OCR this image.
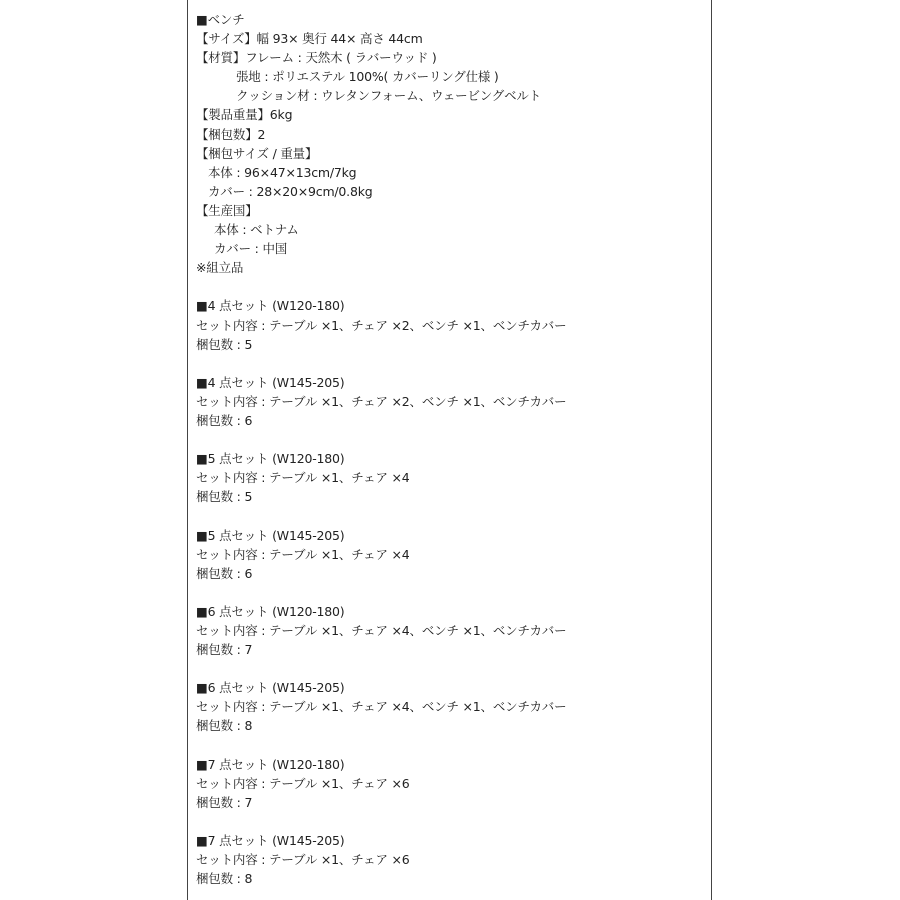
■ベンチ
【サイズ】幅 93× 奥行 44× 高さ 44cm
【材質】フレーム : 天然木 ( ラバーウッド )
張地 : ポリエステル 100%( カバーリング仕様 )
クッション材 : ウレタンフォーム、ウェービングベルト
【製品重量】6kg
【梱包数】2
【梱包サイズ / 重量】
本体 : 96×47×13cm/7kg
カバー : 28×20×9cm/0.8kg
【生産国】
本体 : ベトナム
カバー : 中国
※組立品
■4 点セット (W120-180)
セット内容 : テーブル ×1、チェア ×2、ベンチ ×1、ベンチカバー
梱包数 : 5
■4 点セット (W145-205)
セット内容 : テーブル ×1、チェア ×2、ベンチ ×1、ベンチカバー
梱包数 : 6
■5 点セット (W120-180)
セット内容 : テーブル ×1、チェア ×4
梱包数 : 5
■5 点セット (W145-205)
セット内容 : テーブル ×1、チェア ×4
梱包数 : 6
■6 点セット (W120-180)
セット内容 : テーブル ×1、チェア ×4、ベンチ ×1、ベンチカバー
梱包数 : 7
■6 点セット (W145-205)
セット内容 : テーブル ×1、チェア ×4、ベンチ ×1、ベンチカバー
梱包数 : 8
■7 点セット (W120-180)
セット内容 : テーブル ×1、チェア ×6
梱包数 : 7
■7 点セット (W145-205)
セット内容 : テーブル ×1、チェア ×6
梱包数 : 8
